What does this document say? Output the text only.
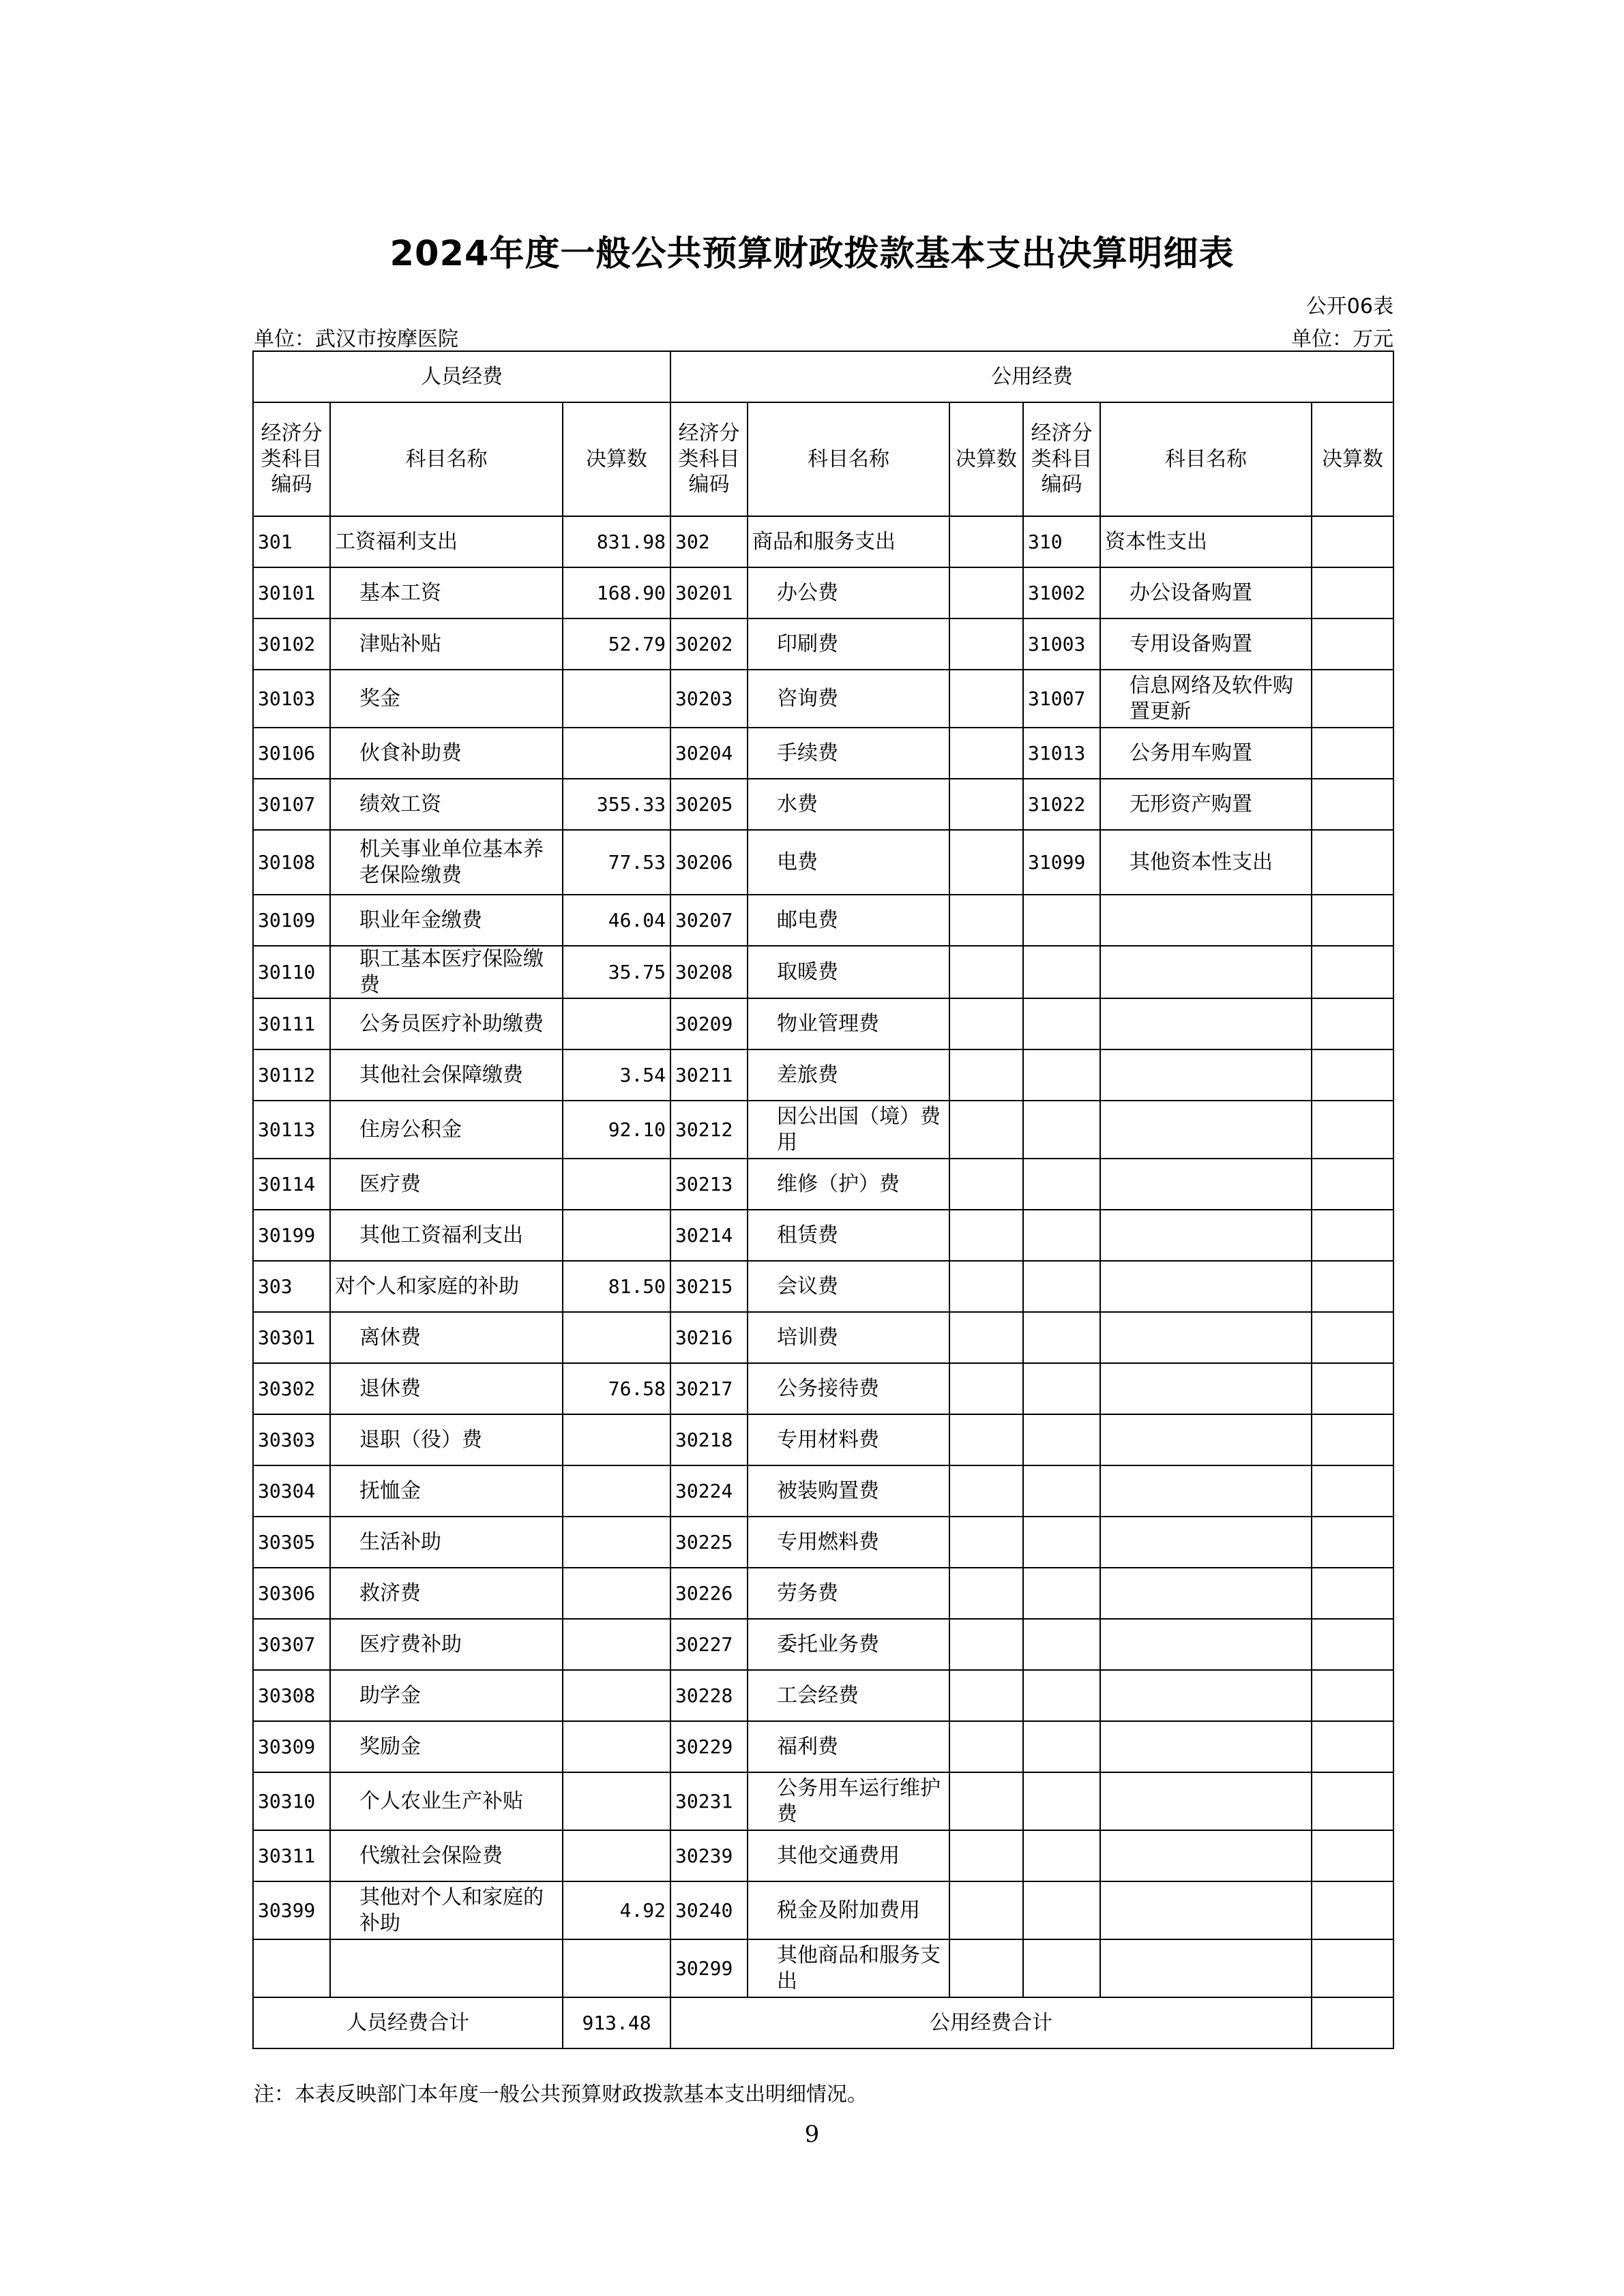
2024年度一般公共预算财政拨款基本支出决算明细表
公开06表
单位：武汉市按摩医院	单位：万元
人员经费			公用经费					
经济分类科目编码	科目名称	决算数	经济分类科目编码	科目名称	决算数	经济分类科目编码	科目名称	决算数
301	工资福利支出	831.98	302	商品和服务支出		310	资本性支出	
30101	基本工资	168.90	30201	办公费		31002	办公设备购置	
30102	津贴补贴	52.79	30202	印刷费		31003	专用设备购置	
30103	奖金		30203	咨询费		31007	信息网络及软件购置更新	
30106	伙食补助费		30204	手续费		31013	公务用车购置	
30107	绩效工资	355.33	30205	水费		31022	无形资产购置	
30108	机关事业单位基本养老保险缴费	77.53	30206	电费		31099	其他资本性支出	
30109	职业年金缴费	46.04	30207	邮电费				
30110	职工基本医疗保险缴费	35.75	30208	取暖费				
30111	公务员医疗补助缴费		30209	物业管理费				
30112	其他社会保障缴费	3.54	30211	差旅费				
30113	住房公积金	92.10	30212	因公出国（境）费用				
30114	医疗费		30213	维修（护）费				
30199	其他工资福利支出		30214	租赁费				
303	对个人和家庭的补助	81.50	30215	会议费				
30301	离休费		30216	培训费				
30302	退休费	76.58	30217	公务接待费				
30303	退职（役）费		30218	专用材料费				
30304	抚恤金		30224	被装购置费				
30305	生活补助		30225	专用燃料费				
30306	救济费		30226	劳务费				
30307	医疗费补助		30227	委托业务费				
30308	助学金		30228	工会经费				
30309	奖励金		30229	福利费				
30310	个人农业生产补贴		30231	公务用车运行维护费				
30311	代缴社会保险费		30239	其他交通费用				
30399	其他对个人和家庭的补助	4.92	30240	税金及附加费用				
			30299	其他商品和服务支出				
人员经费合计		913.48	公用经费合计					
注：本表反映部门本年度一般公共预算财政拨款基本支出明细情况。
9
